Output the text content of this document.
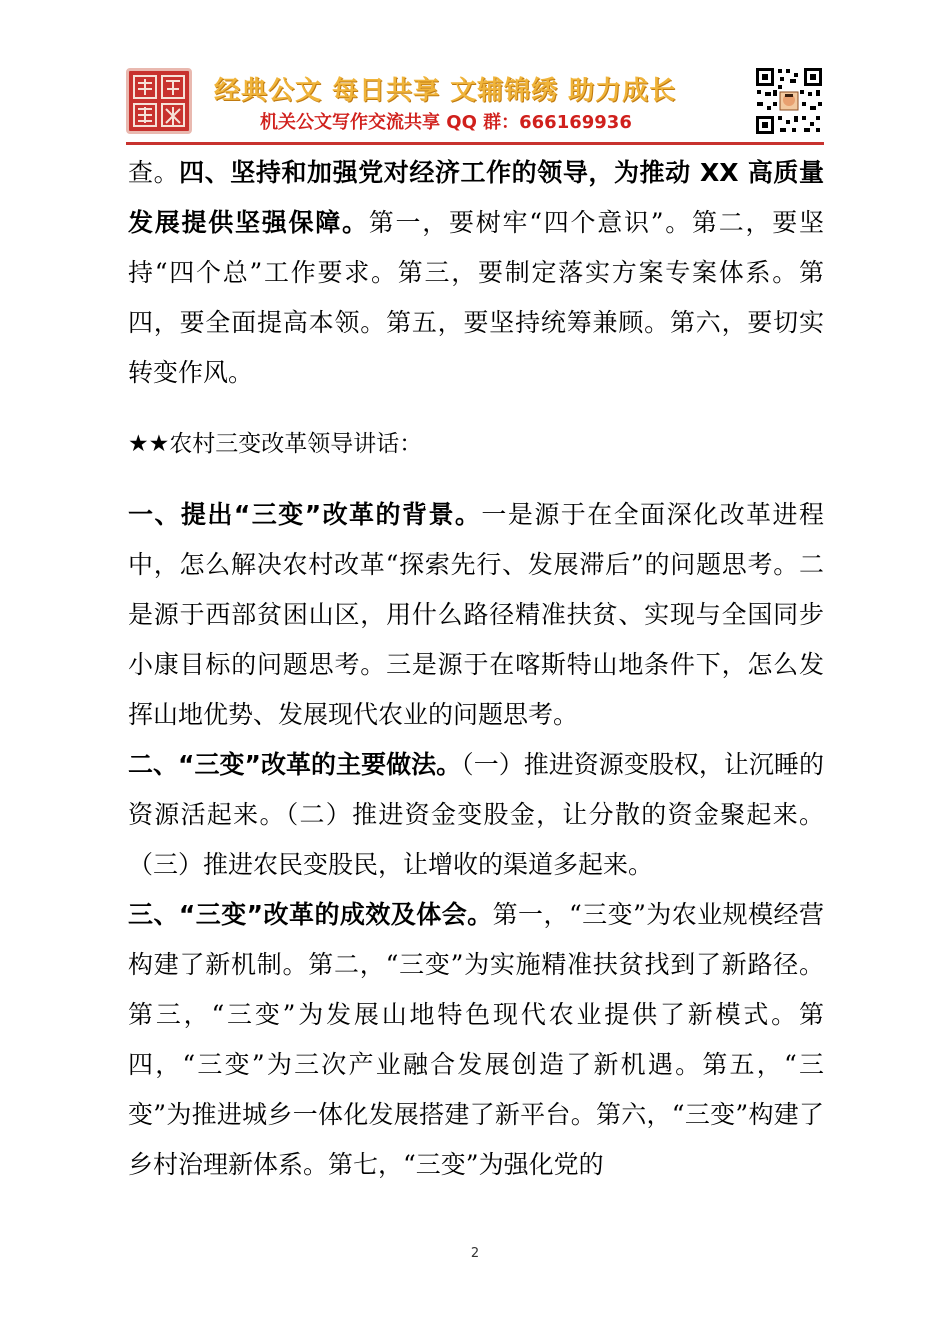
经典公文 每日共享 文辅锦绣 助力成长
机关公文写作交流共享 QQ 群：666169936

查。四、坚持和加强党对经济工作的领导，为推动 XX 高质量发展提供坚强保障。第一，要树牢“四个意识”。第二，要坚持“四个总”工作要求。第三，要制定落实方案专案体系。第四，要全面提高本领。第五，要坚持统筹兼顾。第六，要切实转变作风。

★★农村三变改革领导讲话：

一、提出“三变”改革的背景。一是源于在全面深化改革进程中，怎么解决农村改革“探索先行、发展滞后”的问题思考。二是源于西部贫困山区，用什么路径精准扶贫、实现与全国同步小康目标的问题思考。三是源于在喀斯特山地条件下，怎么发挥山地优势、发展现代农业的问题思考。

二、“三变”改革的主要做法。（一）推进资源变股权，让沉睡的资源活起来。（二）推进资金变股金，让分散的资金聚起来。（三）推进农民变股民，让增收的渠道多起来。

三、“三变”改革的成效及体会。第一，“三变”为农业规模经营构建了新机制。第二，“三变”为实施精准扶贫找到了新路径。第三，“三变”为发展山地特色现代农业提供了新模式。第四，“三变”为三次产业融合发展创造了新机遇。第五，“三变”为推进城乡一体化发展搭建了新平台。第六，“三变”构建了乡村治理新体系。第七，“三变”为强化党的

2
